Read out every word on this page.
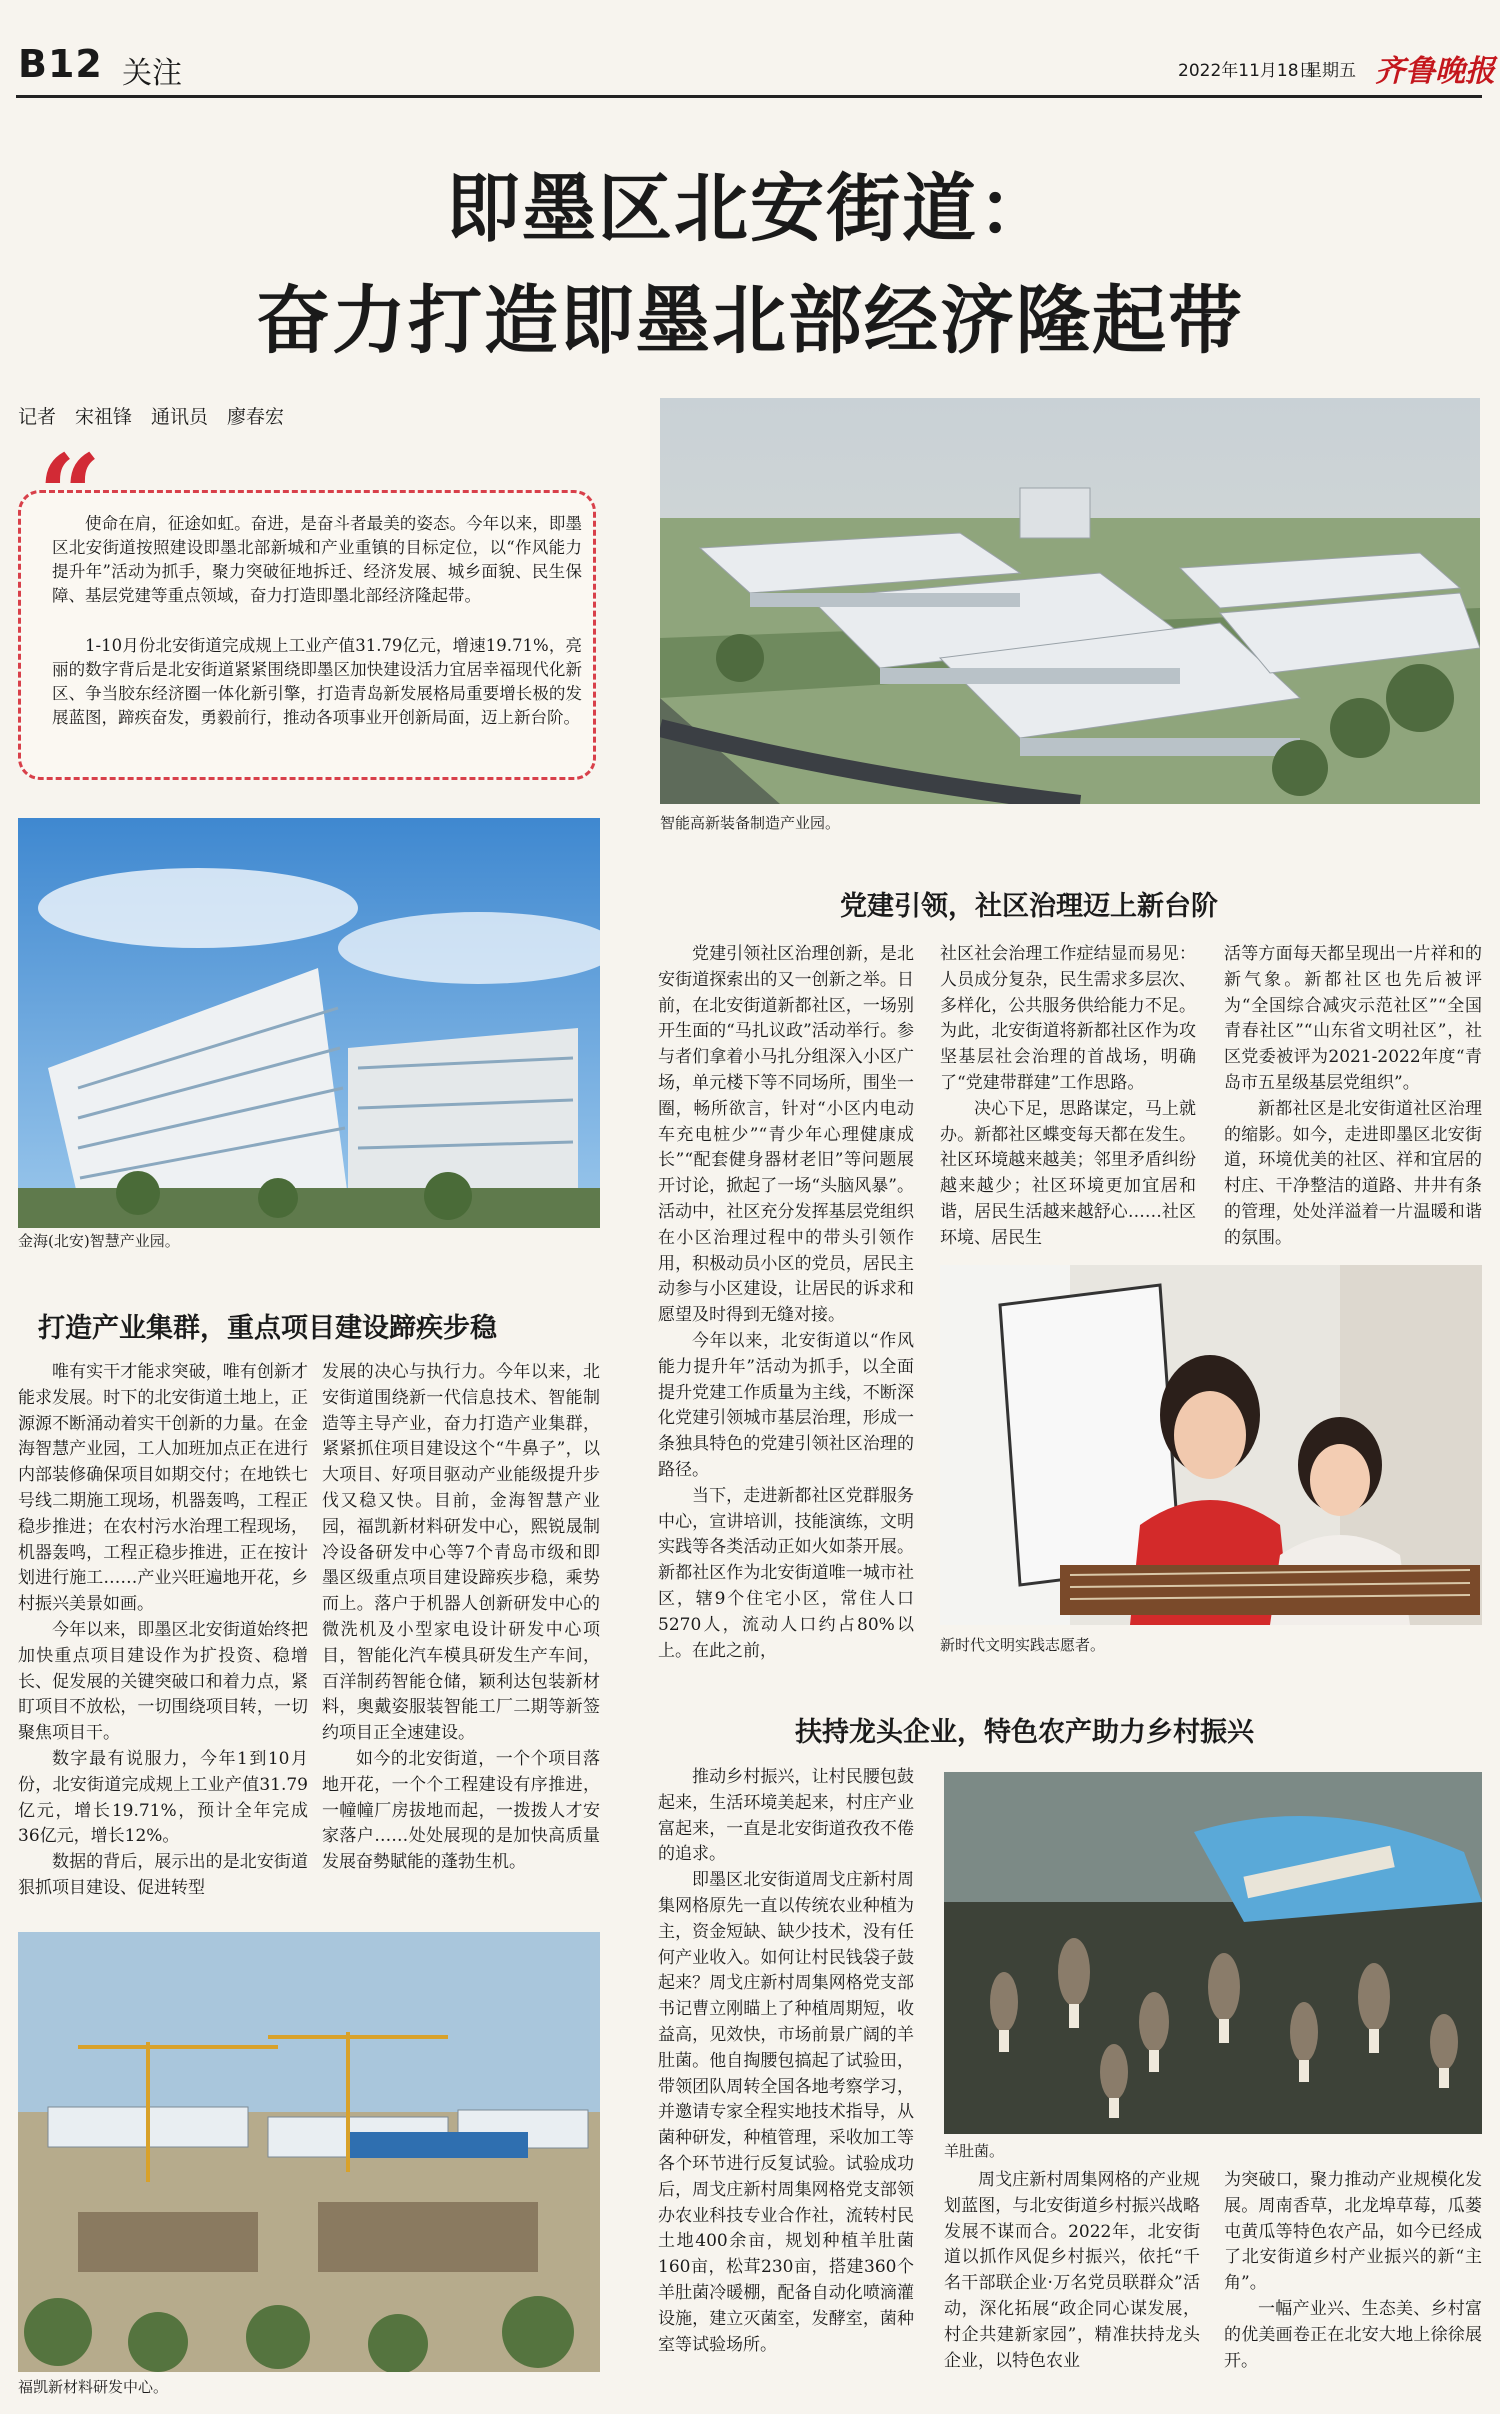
B12 关注	2022年11月18日
星期五 齐鲁晚报
即墨区北安街道：
奋力打造即墨北部经济隆起带
记者　宋祖锋　通讯员　廖春宏
“
使命在肩，征途如虹。奋进，是奋斗者最美的姿态。今年以来，即墨区北安街道按照建设即墨北部新城和产业重镇的目标定位，以“作风能力提升年”活动为抓手，聚力突破征地拆迁、经济发展、城乡面貌、民生保障、基层党建等重点领域，奋力打造即墨北部经济隆起带。
1-10月份北安街道完成规上工业产值31.79亿元，增速19.71%，亮丽的数字背后是北安街道紧紧围绕即墨区加快建设活力宜居幸福现代化新区、争当胶东经济圈一体化新引擎，打造青岛新发展格局重要增长极的发展蓝图，蹄疾奋发，勇毅前行，推动各项事业开创新局面，迈上新台阶。
智能高新装备制造产业园。
金海(北安)智慧产业园。
打造产业集群，重点项目建设蹄疾步稳

唯有实干才能求突破，唯有创新才能求发展。时下的北安街道土地上，正源源不断涌动着实干创新的力量。在金海智慧产业园，工人加班加点正在进行内部装修确保项目如期交付；在地铁七号线二期施工现场，机器轰鸣，工程正稳步推进；在农村污水治理工程现场，机器轰鸣，工程正稳步推进，正在按计划进行施工……产业兴旺遍地开花，乡村振兴美景如画。

今年以来，即墨区北安街道始终把加快重点项目建设作为扩投资、稳增长、促发展的关键突破口和着力点，紧盯项目不放松，一切围绕项目转，一切聚焦项目干。

数字最有说服力，今年1到10月份，北安街道完成规上工业产值31.79亿元，增长19.71%，预计全年完成36亿元，增长12%。

数据的背后，展示出的是北安街道狠抓项目建设、促进转型

发展的决心与执行力。今年以来，北安街道围绕新一代信息技术、智能制造等主导产业，奋力打造产业集群，紧紧抓住项目建设这个“牛鼻子”，以大项目、好项目驱动产业能级提升步伐又稳又快。目前，金海智慧产业园，福凯新材料研发中心，熙锐晟制冷设备研发中心等7个青岛市级和即墨区级重点项目建设蹄疾步稳，乘势而上。落户于机器人创新研发中心的微洗机及小型家电设计研发中心项目，智能化汽车模具研发生产车间，百洋制药智能仓储，颖利达包装新材料，奥戴姿服装智能工厂二期等新签约项目正全速建设。

如今的北安街道，一个个项目落地开花，一个个工程建设有序推进，一幢幢厂房拔地而起，一拨拨人才安家落户……处处展现的是加快高质量发展奋勢賦能的蓬勃生机。

福凯新材料研发中心。
党建引领，社区治理迈上新台阶

党建引领社区治理创新，是北安街道探索出的又一创新之举。日前，在北安街道新都社区，一场别开生面的“马扎议政”活动举行。参与者们拿着小马扎分组深入小区广场，单元楼下等不同场所，围坐一圈，畅所欲言，针对“小区内电动车充电桩少”“青少年心理健康成长”“配套健身器材老旧”等问题展开讨论，掀起了一场“头脑风暴”。活动中，社区充分发挥基层党组织在小区治理过程中的带头引领作用，积极动员小区的党员，居民主动参与小区建设，让居民的诉求和愿望及时得到无缝对接。

今年以来，北安街道以“作风能力提升年”活动为抓手，以全面提升党建工作质量为主线，不断深化党建引领城市基层治理，形成一条独具特色的党建引领社区治理的路径。

当下，走进新都社区党群服务中心，宣讲培训，技能演练，文明实践等各类活动正如火如荼开展。新都社区作为北安街道唯一城市社区，辖9个住宅小区，常住人口5270人，流动人口约占80%以上。在此之前，

社区社会治理工作症结显而易见：人员成分复杂，民生需求多层次、多样化，公共服务供给能力不足。为此，北安街道将新都社区作为攻坚基层社会治理的首战场，明确了“党建带群建”工作思路。

决心下足，思路谋定，马上就办。新都社区蝶变每天都在发生。社区环境越来越美；邻里矛盾纠纷越来越少；社区环境更加宜居和谐，居民生活越来越舒心……社区环境、居民生

活等方面每天都呈现出一片祥和的新气象。新都社区也先后被评为“全国综合减灾示范社区”“全国青春社区”“山东省文明社区”，社区党委被评为2021-2022年度“青岛市五星级基层党组织”。

新都社区是北安街道社区治理的缩影。如今，走进即墨区北安街道，环境优美的社区、祥和宜居的村庄、干净整洁的道路、井井有条的管理，处处洋溢着一片温暖和谐的氛围。

新时代文明实践志愿者。
扶持龙头企业，特色农产助力乡村振兴

推动乡村振兴，让村民腰包鼓起来，生活环境美起来，村庄产业富起来，一直是北安街道孜孜不倦的追求。

即墨区北安街道周戈庄新村周集网格原先一直以传统农业种植为主，资金短缺、缺少技术，没有任何产业收入。如何让村民钱袋子鼓起来？周戈庄新村周集网格党支部书记曹立刚瞄上了种植周期短，收益高，见效快，市场前景广阔的羊肚菌。他自掏腰包搞起了试验田，带领团队周转全国各地考察学习，并邀请专家全程实地技术指导，从菌种研发，种植管理，采收加工等各个环节进行反复试验。试验成功后，周戈庄新村周集网格党支部领办农业科技专业合作社，流转村民土地400余亩，规划种植羊肚菌160亩，松茸230亩，搭建360个羊肚菌冷暖棚，配备自动化喷滴灌设施，建立灭菌室，发酵室，菌种室等试验场所。

羊肚菌。

周戈庄新村周集网格的产业规划蓝图，与北安街道乡村振兴战略发展不谋而合。2022年，北安街道以抓作风促乡村振兴，依托“千名干部联企业·万名党员联群众”活动，深化拓展“政企同心谋发展，村企共建新家园”，精准扶持龙头企业，以特色农业

为突破口，聚力推动产业规模化发展。周南香草，北龙埠草莓，瓜蒌屯黄瓜等特色农产品，如今已经成了北安街道乡村产业振兴的新“主角”。

一幅产业兴、生态美、乡村富的优美画卷正在北安大地上徐徐展开。
